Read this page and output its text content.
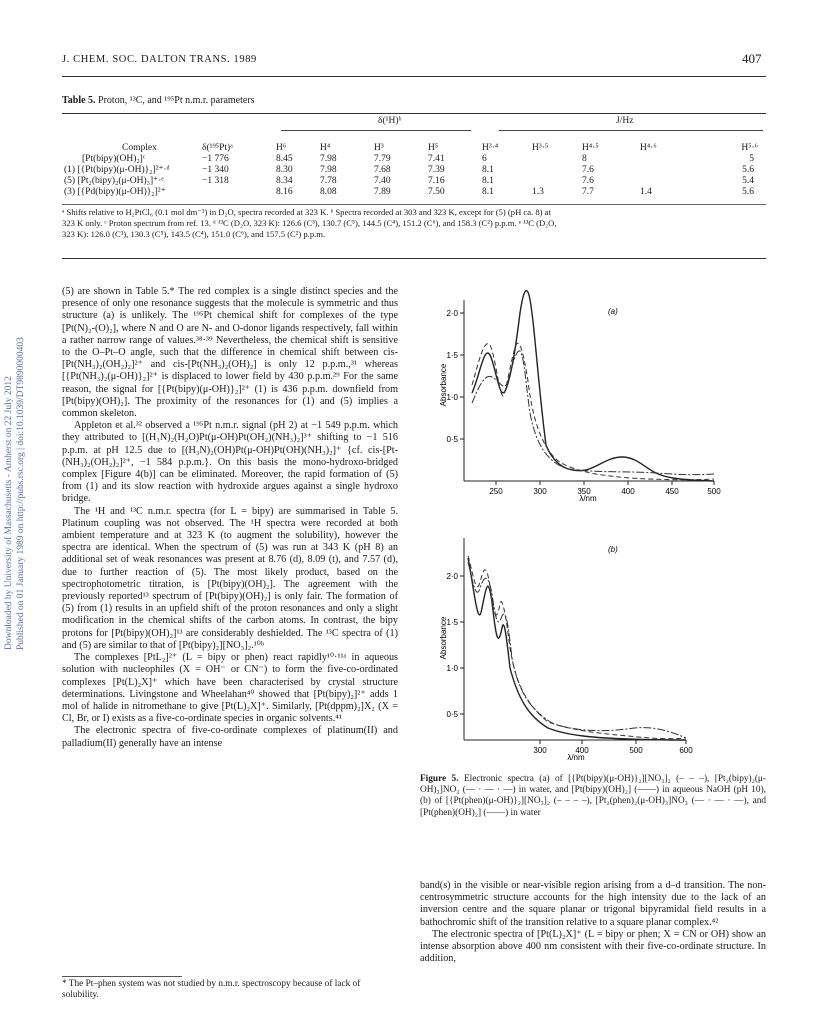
Downloaded by University of Massachusetts - Amherst on 22 July 2012 Published on 01 January 1989 on http://pubs.rsc.org | doi:10.1039/DT9890000403
J. CHEM. SOC. DALTON TRANS. 1989	407
Table 5. Proton, ¹³C, and ¹⁹⁵Pt n.m.r. parameters
δ(¹H)ᵇ	J/Hz
Complex	δ(¹⁹⁵Pt)ᵃ	H⁶	H⁴	H³	H⁵	H³·⁴	H³·⁵	H⁴·⁵	H⁴·⁶	H⁵·⁶
[Pt(bipy)(OH)₂]ᶜ	−1 776	8.45	7.98	7.79	7.41	6		8		5
(1) [{Pt(bipy)(μ-OH)}₂]²⁺·ᵈ	−1 340	8.30	7.98	7.68	7.39	8.1		7.6		5.6
(5) [Pt₂(bipy)₂(μ-OH)₃]⁺·ᵉ	−1 318	8.34	7.78	7.40	7.16	8.1		7.6		5.4
(3) [{Pd(bipy)(μ-OH)}₂]²⁺		8.16	8.08	7.89	7.50	8.1	1.3	7.7	1.4	5.6
ᵃ Shifts relative to H₂PtCl₆ (0.1 mol dm⁻³) in D₂O, spectra recorded at 323 K. ᵇ Spectra recorded at 303 and 323 K, except for (5) (pH ca. 8) at
323 K only. ᶜ Proton spectrum from ref. 13. ᵈ ¹³C (D₂O, 323 K): 126.6 (C³), 130.7 (C⁵), 144.5 (C⁴), 151.2 (C⁶), and 158.3 (C²) p.p.m. ᵉ ¹³C (D₂O,
323 K): 126.0 (C³), 130.3 (C⁵), 143.5 (C⁴), 151.0 (C⁶), and 157.5 (C²) p.p.m.

(5) are shown in Table 5.* The red complex is a single distinct species and the presence of only one resonance suggests that the molecule is symmetric and thus structure (a) is unlikely. The ¹⁹⁵Pt chemical shift for complexes of the type [Pt(N)₂-(O)₂], where N and O are N- and O-donor ligands respectively, fall within a rather narrow range of values.³⁸·³⁹ Nevertheless, the chemical shift is sensitive to the O–Pt–O angle, such that the difference in chemical shift between cis-[Pt(NH₃)₂(OH₂)₂]²⁺ and cis-[Pt(NH₃)₂(OH)₂] is only 12 p.p.m.,³¹ whereas [{Pt(NH₃)₂(μ-OH)}₂]²⁺ is displaced to lower field by 430 p.p.m.²⁹ For the same reason, the signal for [{Pt(bipy)(μ-OH)}₂]²⁺ (1) is 436 p.p.m. downfield from [Pt(bipy)(OH)₂]. The proximity of the resonances for (1) and (5) implies a common skeleton.

Appleton et al.³² observed a ¹⁹⁵Pt n.m.r. signal (pH 2) at −1 549 p.p.m. which they attributed to [(H₃N)₂(H₂O)Pt(μ-OH)Pt(OH₂)(NH₃)₂]³⁺ shifting to −1 516 p.p.m. at pH 12.5 due to [(H₃N)₂(OH)Pt(μ-OH)Pt(OH)(NH₃)₂]⁺ {cf. cis-[Pt-(NH₃)₂(OH₂)₂]²⁺, −1 584 p.p.m.}. On this basis the mono-hydroxo-bridged complex [Figure 4(b)] can be eliminated. Moreover, the rapid formation of (5) from (1) and its slow reaction with hydroxide argues against a single hydroxo bridge.

The ¹H and ¹³C n.m.r. spectra (for L = bipy) are summarised in Table 5. Platinum coupling was not observed. The ¹H spectra were recorded at both ambient temperature and at 323 K (to augment the solubility), however the spectra are identical. When the spectrum of (5) was run at 343 K (pH 8) an additional set of weak resonances was present at 8.76 (d), 8.09 (t), and 7.57 (d), due to further reaction of (5). The most likely product, based on the spectrophotometric titration, is [Pt(bipy)(OH)₂]. The agreement with the previously reported¹³ spectrum of [Pt(bipy)(OH)₂] is only fair. The formation of (5) from (1) results in an upfield shift of the proton resonances and only a slight modification in the chemical shifts of the carbon atoms. In contrast, the bipy protons for [Pt(bipy)(OH)₂]¹³ are considerably deshielded. The ¹³C spectra of (1) and (5) are similar to that of [Pt(bipy)₂][NO₃]₂.¹⁰ᵇ

The complexes [PtL₂]²⁺ (L = bipy or phen) react rapidly¹⁰·¹¹ᵃ in aqueous solution with nucleophiles (X = OH⁻ or CN⁻) to form the five-co-ordinated complexes [Pt(L)₂X]⁺ which have been characterised by crystal structure determinations. Livingstone and Wheelahan⁴⁰ showed that [Pt(bipy)₂]²⁺ adds 1 mol of halide in nitromethane to give [Pt(L)₂X]⁺. Similarly, [Pt(dppm)₂]X₂ (X = Cl, Br, or I) exists as a five-co-ordinate species in organic solvents.⁴¹

The electronic spectra of five-co-ordinate complexes of platinum(II) and palladium(II) generally have an intense

* The Pt–phen system was not studied by n.m.r. spectroscopy because of lack of solubility.
2·0
1·5
1·0
0·5
250	300	350	400	450	500
(a)
λ/nm
Absorbance
2·0
1·5
1·0
0·5
300	400	500	600
(b)
λ/nm
Absorbance
Figure 5. Electronic spectra (a) of [{Pt(bipy)(μ-OH)}₂][NO₃]₂ (– – –), [Pt₂(bipy)₂(μ-OH)₃]NO₃ (— · — · —) in water, and [Pt(bipy)(OH)₂] (——) in aqueous NaOH (pH 10), (b) of [{Pt(phen)(μ-OH)}₂][NO₃]₂ (– – – –), [Pt₂(phen)₂(μ-OH)₃]NO₃ (— · — · —), and [Pt(phen)(OH)₂] (——) in water

band(s) in the visible or near-visible region arising from a d–d transition. The non-centrosymmetric structure accounts for the high intensity due to the lack of an inversion centre and the square planar or trigonal bipyramidal field results in a bathochromic shift of the transition relative to a square planar complex.⁴²

The electronic spectra of [Pt(L)₂X]⁺ (L = bipy or phen; X = CN or OH) show an intense absorption above 400 nm consistent with their five-co-ordinate structure. In addition,
